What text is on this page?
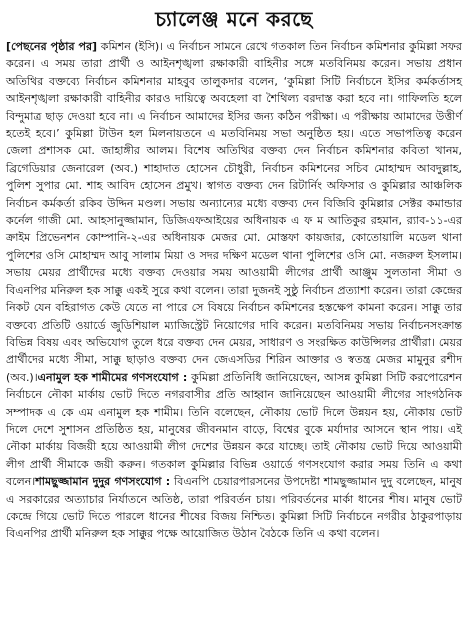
চ্যালেঞ্জ মনে করছে

[পেছনের পৃষ্ঠার পর] কমিশন (ইসি)। এ নির্বাচন সামনে রেখে গতকাল তিন নির্বাচন কমিশনার কুমিল্লা সফর করেন। এ সময় তারা প্রার্থী ও আইনশৃঙ্খলা রক্ষাকারী বাহিনীর সঙ্গে মতবিনিময় করেন। সভায় প্রধান অতিথির বক্তব্যে নির্বাচন কমিশনার মাহবুব তালুকদার বলেন, ‘কুমিল্লা সিটি নির্বাচনে ইসির কর্মকর্তাসহ আইনশৃঙ্খলা রক্ষাকারী বাহিনীর কারও দায়িত্বে অবহেলা বা শৈথিল্য বরদাস্ত করা হবে না। গাফিলতি হলে বিন্দুমাত্র ছাড় দেওয়া হবে না। এ নির্বাচন আমাদের ইসির জন্য কঠিন পরীক্ষা। এ পরীক্ষায় আমাদের উত্তীর্ণ হতেই হবে।’ কুমিল্লা টাউন হল মিলনায়তনে এ মতবিনিময় সভা অনুষ্ঠিত হয়। এতে সভাপতিত্ব করেন জেলা প্রশাসক মো. জাহাঙ্গীর আলম। বিশেষ অতিথির বক্তব্য দেন নির্বাচন কমিশনার কবিতা খানম, ব্রিগেডিয়ার জেনারেল (অব.) শাহাদাত হোসেন চৌধুরী, নির্বাচন কমিশনের সচিব মোহাম্মদ আবদুল্লাহ, পুলিশ সুপার মো. শাহ আবিদ হোসেন প্রমুখ। স্বাগত বক্তব্য দেন রিটার্নিং অফিসার ও কুমিল্লার আঞ্চলিক নির্বাচন কর্মকর্তা রকিব উদ্দিন মণ্ডল। সভায় অন্যান্যের মধ্যে বক্তব্য দেন বিজিবি কুমিল্লার সেক্টর কমান্ডার কর্নেল গাজী মো. আহসানুজ্জামান, ডিজিএফআইয়ের অধিনায়ক এ ফ ম আতিকুর রহমান, র‍্যাব-১১-এর ক্রাইম প্রিভেনশন কোম্পানি-২-এর অধিনায়ক মেজর মো. মোস্তফা কায়জার, কোতোয়ালি মডেল থানা পুলিশের ওসি মোহাম্মদ আবু সালাম মিয়া ও সদর দক্ষিণ মডেল থানা পুলিশের ওসি মো. নজরুল ইসলাম। সভায় মেয়র প্রার্থীদের মধ্যে বক্তব্য দেওয়ার সময় আওয়ামী লীগের প্রার্থী আঞ্জুম সুলতানা সীমা ও বিএনপির মনিরুল হক সাক্কু একই সুরে কথা বলেন। তারা দুজনই সুষ্ঠু নির্বাচন প্রত্যাশা করেন। তারা কেন্দ্রের নিকট যেন বহিরাগত কেউ যেতে না পারে সে বিষয়ে নির্বাচন কমিশনের হস্তক্ষেপ কামনা করেন। সাক্কু তার বক্তব্যে প্রতিটি ওয়ার্ডে জুডিশিয়াল ম্যাজিস্ট্রেট নিয়োগের দাবি করেন। মতবিনিময় সভায় নির্বাচনসংক্রান্ত বিভিন্ন বিষয় এবং অভিযোগ তুলে ধরে বক্তব্য দেন মেয়র, সাধারণ ও সংরক্ষিত কাউন্সিলর প্রার্থীরা। মেয়র প্রার্থীদের মধ্যে সীমা, সাক্কু ছাড়াও বক্তব্য দেন জেএসডির শিরিন আক্তার ও স্বতন্ত্র মেজর মামুনুর রশীদ (অব.)।এনামুল হক শামীমের গণসংযোগ : কুমিল্লা প্রতিনিধি জানিয়েছেন, আসন্ন কুমিল্লা সিটি করপোরেশন নির্বাচনে নৌকা মার্কায় ভোট দিতে নগরবাসীর প্রতি আহ্বান জানিয়েছেন আওয়ামী লীগের সাংগঠনিক সম্পাদক এ কে এম এনামুল হক শামীম। তিনি বলেছেন, নৌকায় ভোট দিলে উন্নয়ন হয়, নৌকায় ভোট দিলে দেশে সুশাসন প্রতিষ্ঠিত হয়, মানুষের জীবনমান বাড়ে, বিশ্বের বুকে মর্যাদার আসনে স্থান পায়। এই নৌকা মার্কায় বিজয়ী হয়ে আওয়ামী লীগ দেশের উন্নয়ন করে যাচ্ছে। তাই নৌকায় ভোট দিয়ে আওয়ামী লীগ প্রার্থী সীমাকে জয়ী করুন। গতকাল কুমিল্লার বিভিন্ন ওয়ার্ডে গণসংযোগ করার সময় তিনি এ কথা বলেন।শামছুজ্জামান দুদুর গণসংযোগ : বিএনপি চেয়ারপারসনের উপদেষ্টা শামছুজ্জামান দুদু বলেছেন, মানুষ এ সরকারের অত্যাচার নির্যাতনে অতিষ্ঠ, তারা পরিবর্তন চায়। পরিবর্তনের মার্কা ধানের শীষ। মানুষ ভোট কেন্দ্রে গিয়ে ভোট দিতে পারলে ধানের শীষের বিজয় নিশ্চিত। কুমিল্লা সিটি নির্বাচনে নগরীর ঠাকুরপাড়ায় বিএনপির প্রার্থী মনিরুল হক সাক্কুর পক্ষে আয়োজিত উঠান বৈঠকে তিনি এ কথা বলেন।
